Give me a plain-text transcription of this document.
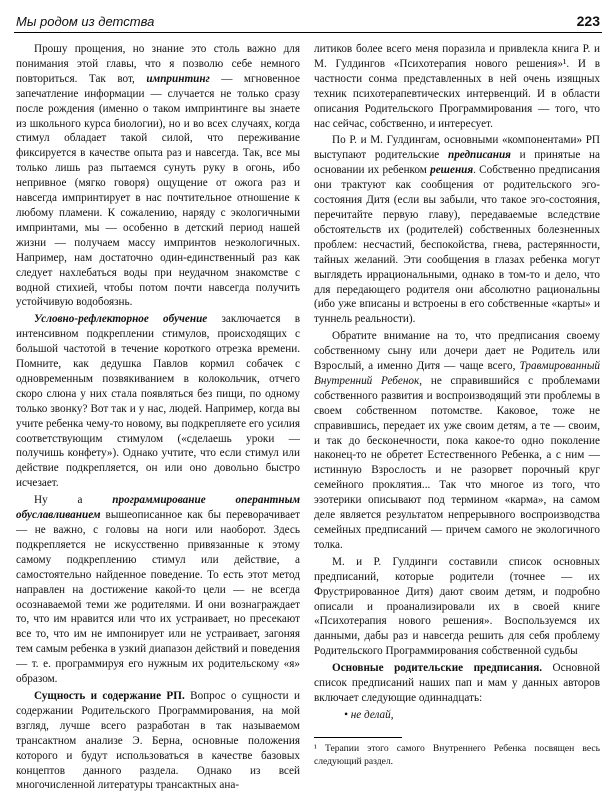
Мы родом из детства	223

Прошу прощения, но знание это столь важно для понимания этой главы, что я позволю себе немного повториться. Так вот, импринтинг — мгновенное запечатление информации — случается не только сразу после рождения (именно о таком импринтинге вы знаете из школьного курса биологии), но и во всех случаях, когда стимул обладает такой силой, что переживание фиксируется в качестве опыта раз и навсегда. Так, все мы только лишь раз пытаемся сунуть руку в огонь, ибо непривное (мягко говоря) ощущение от ожога раз и навсегда импринтирует в нас почтительное отношение к любому пламени. К сожалению, наряду с экологичными импринтами, мы — особенно в детский период нашей жизни — получаем массу импринтов неэкологичных. Например, нам достаточно один-единственный раз как следует нахлебаться воды при неудачном знакомстве с водной стихией, чтобы потом почти навсегда получить устойчивую водобоязнь.

Условно-рефлекторное обучение заключается в интенсивном подкреплении стимулов, происходящих с большой частотой в течение короткого отрезка времени. Помните, как дедушка Павлов кормил собачек с одновременным позвякиванием в колокольчик, отчего скоро слюна у них стала появляться без пищи, по одному только звонку? Вот так и у нас, людей. Например, когда вы учите ребенка чему-то новому, вы подкрепляете его усилия соответствующим стимулом («сделаешь уроки — получишь конфету»). Однако учтите, что если стимул или действие подкрепляется, он или оно довольно быстро исчезает.

Ну а программирование оперантным обуславливанием вышеописанное как бы переворачивает — не важно, с головы на ноги или наоборот. Здесь подкрепляется не искусственно привязанные к этому самому подкреплению стимул или действие, а самостоятельно найденное поведение. То есть этот метод направлен на достижение какой-то цели — не всегда осознаваемой теми же родителями. И они вознаграждает то, что им нравится или что их устраивает, но пресекают все то, что им не импонирует или не устраивает, загоняя тем самым ребенка в узкий диапазон действий и поведения — т. е. программируя его нужным их родительскому «я» образом.

Сущность и содержание РП. Вопрос о сущности и содержании Родительского Программирования, на мой взгляд, лучше всего разработан в так называемом трансактном анализе Э. Берна, основные положения которого и будут использоваться в качестве базовых концептов данного раздела. Однако из всей многочисленной литературы трансактных ана-

литиков более всего меня поразила и привлекла книга Р. и М. Гулдингов «Психотерапия нового решения»¹. И в частности сонма представленных в ней очень изящных техник психотерапевтических интервенций. И в области описания Родительского Программирования — того, что нас сейчас, собственно, и интересует.

По Р. и М. Гулдингам, основными «компонентами» РП выступают родительские предписания и принятые на основании их ребенком решения. Собственно предписания они трактуют как сообщения от родительского эго-состояния Дитя (если вы забыли, что такое эго-состояния, перечитайте первую главу), передаваемые вследствие обстоятельств их (родителей) собственных болезненных проблем: несчастий, беспокойства, гнева, растерянности, тайных желаний. Эти сообщения в глазах ребенка могут выглядеть иррациональными, однако в том-то и дело, что для передающего родителя они абсолютно рациональны (ибо уже вписаны и встроены в его собственные «карты» и туннель реальности).

Обратите внимание на то, что предписания своему собственному сыну или дочери дает не Родитель или Взрослый, а именно Дитя — чаще всего, Травмированный Внутренний Ребенок, не справившийся с проблемами собственного развития и воспроизводящий эти проблемы в своем собственном потомстве. Каковое, тоже не справившись, передает их уже своим детям, а те — своим, и так до бесконечности, пока какое-то одно поколение наконец-то не обретет Естественного Ребенка, а с ним — истинную Взрослость и не разорвет порочный круг семейного проклятия... Так что многое из того, что эзотерики описывают под термином «карма», на самом деле является результатом непрерывного воспроизводства семейных предписаний — причем самого не экологичного толка.

М. и Р. Гулдинги составили список основных предписаний, которые родители (точнее — их Фрустрированное Дитя) дают своим детям, и подробно описали и проанализировали их в своей книге «Психотерапия нового решения». Воспользуемся их данными, дабы раз и навсегда решить для себя проблему Родительского Программирования собственной судьбы

Основные родительские предписания. Основной список предписаний наших пап и мам у данных авторов включает следующие одиннадцать:

• не делай,

¹ Терапии этого самого Внутреннего Ребенка посвящен весь следующий раздел.
